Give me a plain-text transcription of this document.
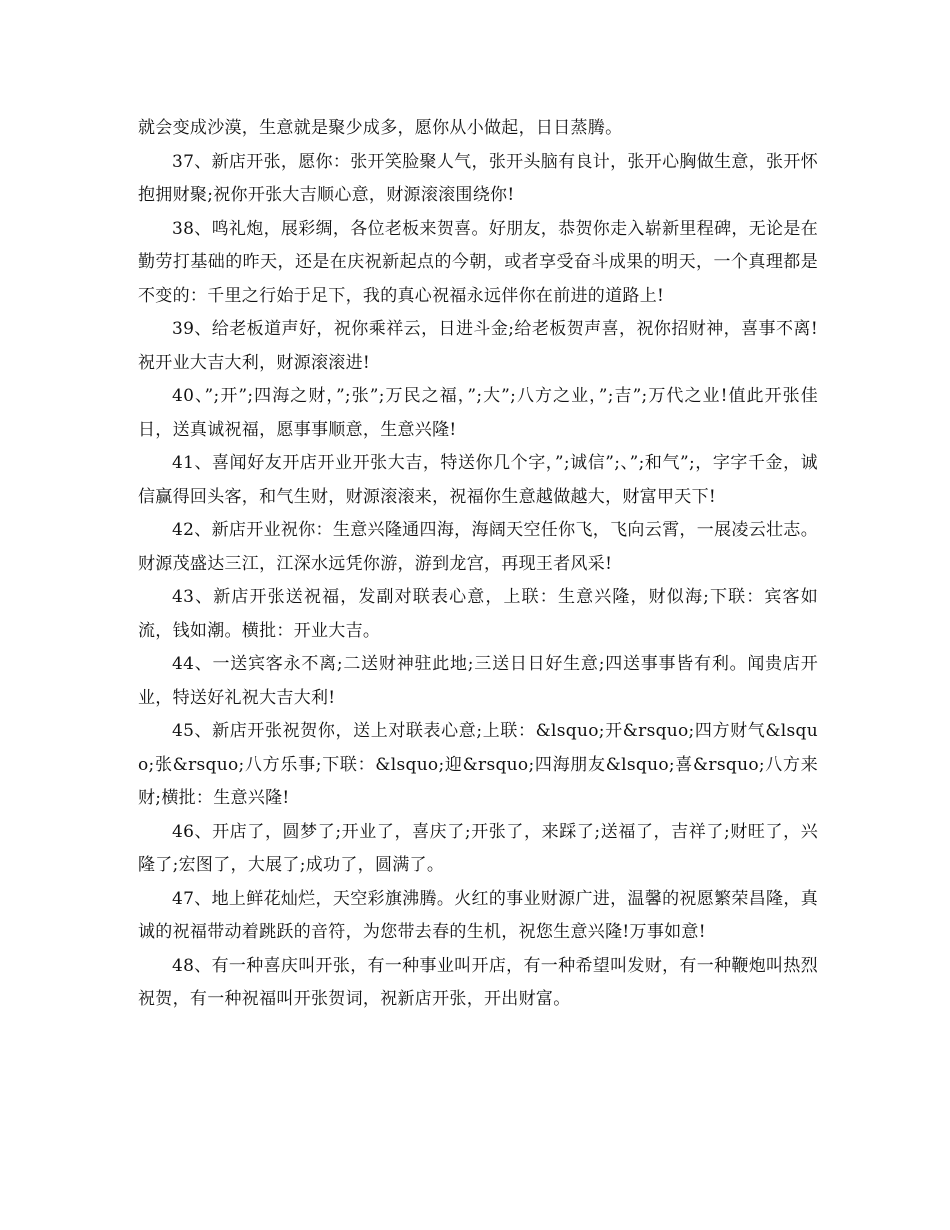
就会变成沙漠，生意就是聚少成多，愿你从小做起，日日蒸腾。

37、新店开张，愿你：张开笑脸聚人气，张开头脑有良计，张开心胸做生意，张开怀抱拥财聚;祝你开张大吉顺心意，财源滚滚围绕你!

38、鸣礼炮，展彩绸，各位老板来贺喜。好朋友，恭贺你走入崭新里程碑，无论是在勤劳打基础的昨天，还是在庆祝新起点的今朝，或者享受奋斗成果的明天，一个真理都是不变的：千里之行始于足下，我的真心祝福永远伴你在前进的道路上!

39、给老板道声好，祝你乘祥云，日进斗金;给老板贺声喜，祝你招财神，喜事不离!祝开业大吉大利，财源滚滚进!

40、”;开”;四海之财，”;张”;万民之福，”;大”;八方之业，”;吉”;万代之业!值此开张佳日，送真诚祝福，愿事事顺意，生意兴隆!

41、喜闻好友开店开业开张大吉，特送你几个字，”;诚信”;、”;和气”;，字字千金，诚信赢得回头客，和气生财，财源滚滚来，祝福你生意越做越大，财富甲天下!

42、新店开业祝你：生意兴隆通四海，海阔天空任你飞，飞向云霄，一展凌云壮志。财源茂盛达三江，江深水远凭你游，游到龙宫，再现王者风采!

43、新店开张送祝福，发副对联表心意，上联：生意兴隆，财似海;下联：宾客如流，钱如潮。横批：开业大吉。

44、一送宾客永不离;二送财神驻此地;三送日日好生意;四送事事皆有利。闻贵店开业，特送好礼祝大吉大利!

45、新店开张祝贺你，送上对联表心意;上联：&lsquo;开&rsquo;四方财气&lsquo;张&rsquo;八方乐事;下联：&lsquo;迎&rsquo;四海朋友&lsquo;喜&rsquo;八方来财;横批：生意兴隆!

46、开店了，圆梦了;开业了，喜庆了;开张了，来踩了;送福了，吉祥了;财旺了，兴隆了;宏图了，大展了;成功了，圆满了。

47、地上鲜花灿烂，天空彩旗沸腾。火红的事业财源广进，温馨的祝愿繁荣昌隆，真诚的祝福带动着跳跃的音符，为您带去春的生机，祝您生意兴隆!万事如意!

48、有一种喜庆叫开张，有一种事业叫开店，有一种希望叫发财，有一种鞭炮叫热烈祝贺，有一种祝福叫开张贺词，祝新店开张，开出财富。
